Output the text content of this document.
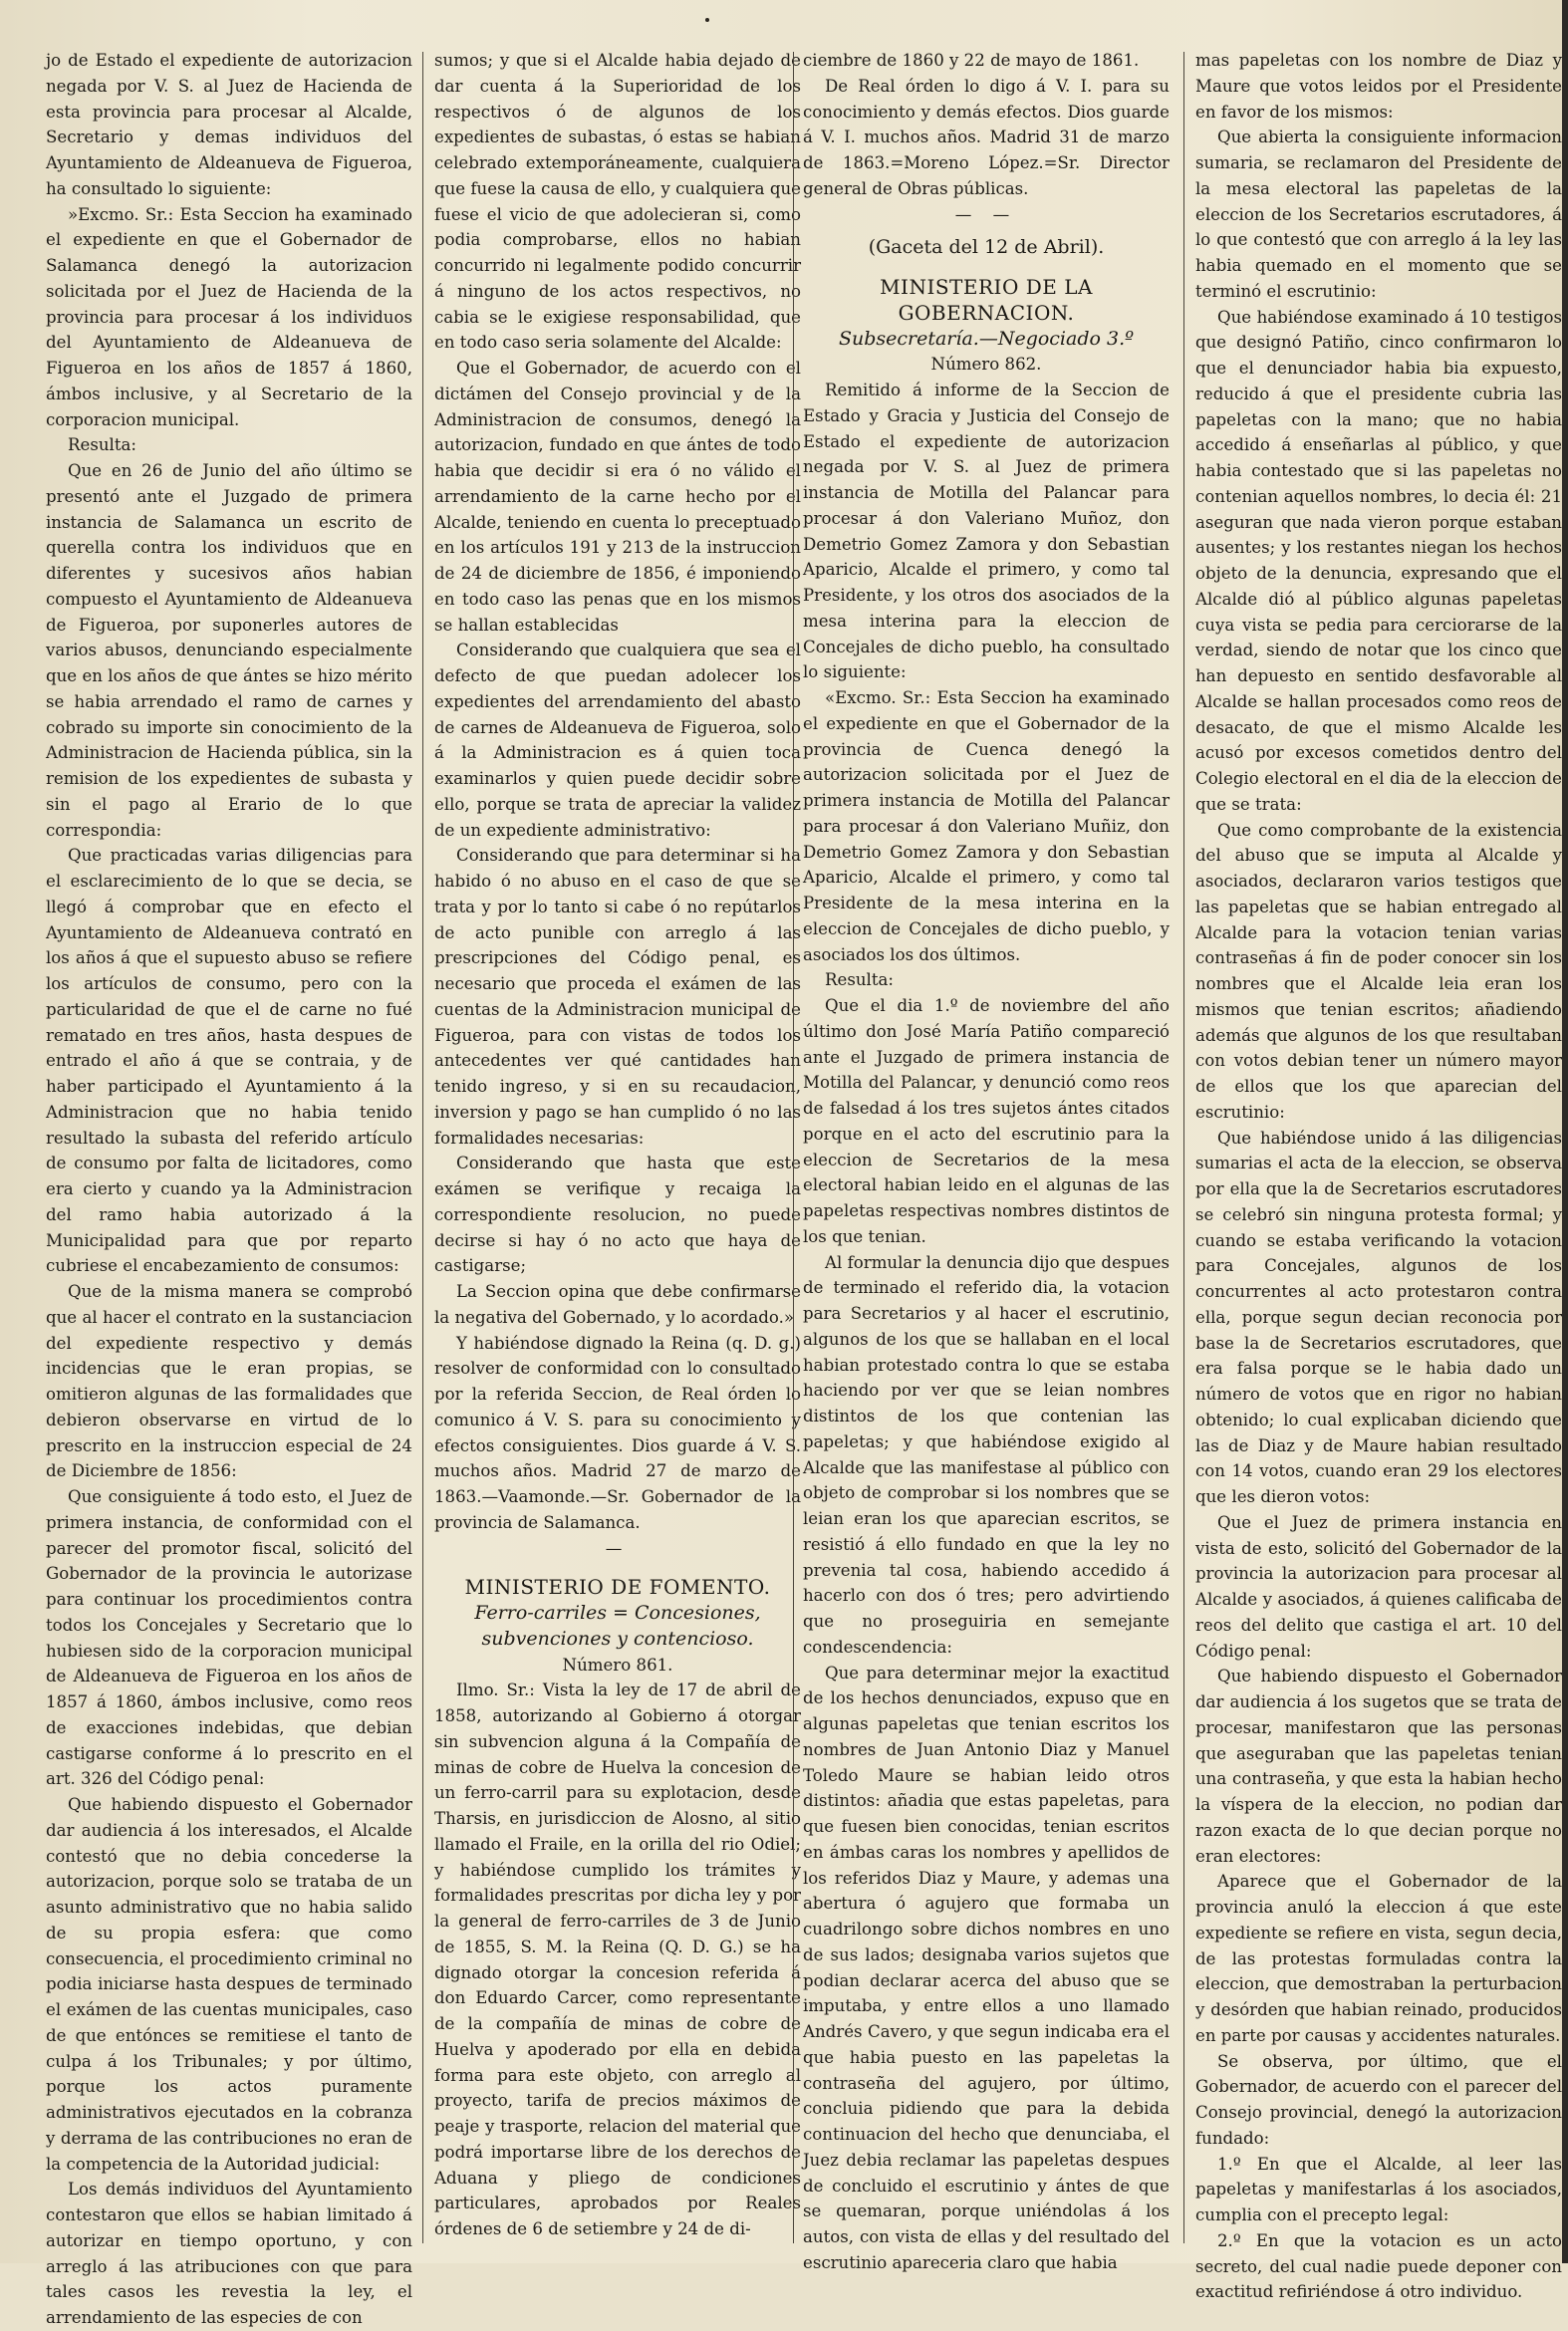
jo de Estado el expediente de autorizacion negada por V. S. al Juez de Hacienda de esta provincia para procesar al Alcalde, Secretario y demas individuos del Ayuntamiento de Aldeanueva de Figueroa, ha consultado lo siguiente:

»Excmo. Sr.: Esta Seccion ha examinado el expediente en que el Gobernador de Salamanca denegó la autorizacion solicitada por el Juez de Hacienda de la provincia para procesar á los individuos del Ayuntamiento de Aldeanueva de Figueroa en los años de 1857 á 1860, ámbos inclusive, y al Secretario de la corporacion municipal.

Resulta:

Que en 26 de Junio del año último se presentó ante el Juzgado de primera instancia de Salamanca un escrito de querella contra los individuos que en diferentes y sucesivos años habian compuesto el Ayuntamiento de Aldeanueva de Figueroa, por suponerles autores de varios abusos, denunciando especialmente que en los años de que ántes se hizo mérito se habia arrendado el ramo de carnes y cobrado su importe sin conocimiento de la Administracion de Hacienda pública, sin la remision de los expedientes de subasta y sin el pago al Erario de lo que correspondia:

Que practicadas varias diligencias para el esclarecimiento de lo que se decia, se llegó á comprobar que en efecto el Ayuntamiento de Aldeanueva contrató en los años á que el supuesto abuso se refiere los artículos de consumo, pero con la particularidad de que el de carne no fué rematado en tres años, hasta despues de entrado el año á que se contraia, y de haber participado el Ayuntamiento á la Administracion que no habia tenido resultado la subasta del referido artículo de consumo por falta de licitadores, como era cierto y cuando ya la Administracion del ramo habia autorizado á la Municipalidad para que por reparto cubriese el encabezamiento de consumos:

Que de la misma manera se comprobó que al hacer el contrato en la sustanciacion del expediente respectivo y demás incidencias que le eran propias, se omitieron algunas de las formalidades que debieron observarse en virtud de lo prescrito en la instruccion especial de 24 de Diciembre de 1856:

Que consiguiente á todo esto, el Juez de primera instancia, de conformidad con el parecer del promotor fiscal, solicitó del Gobernador de la provincia le autorizase para continuar los procedimientos contra todos los Concejales y Secretario que lo hubiesen sido de la corporacion municipal de Aldeanueva de Figueroa en los años de 1857 á 1860, ámbos inclusive, como reos de exacciones indebidas, que debian castigarse conforme á lo prescrito en el art. 326 del Código penal:

Que habiendo dispuesto el Gobernador dar audiencia á los interesados, el Alcalde contestó que no debia concederse la autorizacion, porque solo se trataba de un asunto administrativo que no habia salido de su propia esfera: que como consecuencia, el procedimiento criminal no podia iniciarse hasta despues de terminado el exámen de las cuentas municipales, caso de que entónces se remitiese el tanto de culpa á los Tribunales; y por último, porque los actos puramente administrativos ejecutados en la cobranza y derrama de las contribuciones no eran de la competencia de la Autoridad judicial:

Los demás individuos del Ayuntamiento contestaron que ellos se habian limitado á autorizar en tiempo oportuno, y con arreglo á las atribuciones con que para tales casos les revestia la ley, el arrendamiento de las especies de con

sumos; y que si el Alcalde habia dejado de dar cuenta á la Superioridad de los respectivos ó de algunos de los expedientes de subastas, ó estas se habian celebrado extemporáneamente, cualquiera que fuese la causa de ello, y cualquiera que fuese el vicio de que adolecieran si, como podia comprobarse, ellos no habian concurrido ni legalmente podido concurrir á ninguno de los actos respectivos, no cabia se le exigiese responsabilidad, que en todo caso seria solamente del Alcalde:

Que el Gobernador, de acuerdo con el dictámen del Consejo provincial y de la Administracion de consumos, denegó la autorizacion, fundado en que ántes de todo habia que decidir si era ó no válido el arrendamiento de la carne hecho por el Alcalde, teniendo en cuenta lo preceptuado en los artículos 191 y 213 de la instruccion de 24 de diciembre de 1856, é imponiendo en todo caso las penas que en los mismos se hallan establecidas

Considerando que cualquiera que sea el defecto de que puedan adolecer los expedientes del arrendamiento del abasto de carnes de Aldeanueva de Figueroa, solo á la Administracion es á quien toca examinarlos y quien puede decidir sobre ello, porque se trata de apreciar la validez de un expediente administrativo:

Considerando que para determinar si ha habido ó no abuso en el caso de que se trata y por lo tanto si cabe ó no repútarlos de acto punible con arreglo á las prescripciones del Código penal, es necesario que proceda el exámen de las cuentas de la Administracion municipal de Figueroa, para con vistas de todos los antecedentes ver qué cantidades han tenido ingreso, y si en su recaudacion, inversion y pago se han cumplido ó no las formalidades necesarias:

Considerando que hasta que este exámen se verifique y recaiga la correspondiente resolucion, no puede decirse si hay ó no acto que haya de castigarse;

La Seccion opina que debe confirmarse la negativa del Gobernado, y lo acordado.»

Y habiéndose dignado la Reina (q. D. g.) resolver de conformidad con lo consultado por la referida Seccion, de Real órden lo comunico á V. S. para su conocimiento y efectos consiguientes. Dios guarde á V. S. muchos años. Madrid 27 de marzo de 1863.—Vaamonde.—Sr. Gobernador de la provincia de Salamanca.

—

MINISTERIO DE FOMENTO.

Ferro-carriles = Concesiones, subvenciones y contencioso.

Número 861.

Ilmo. Sr.: Vista la ley de 17 de abril de 1858, autorizando al Gobierno á otorgar sin subvencion alguna á la Compañía de minas de cobre de Huelva la concesion de un ferro-carril para su explotacion, desde Tharsis, en jurisdiccion de Alosno, al sitio llamado el Fraile, en la orilla del rio Odiel; y habiéndose cumplido los trámites y formalidades prescritas por dicha ley y por la general de ferro-carriles de 3 de Junio de 1855, S. M. la Reina (Q. D. G.) se ha dignado otorgar la concesion referida á don Eduardo Carcer, como representante de la compañía de minas de cobre de Huelva y apoderado por ella en debida forma para este objeto, con arreglo al proyecto, tarifa de precios máximos de peaje y trasporte, relacion del material que podrá importarse libre de los derechos de Aduana y pliego de condiciones particulares, aprobados por Reales órdenes de 6 de setiembre y 24 de di-

ciembre de 1860 y 22 de mayo de 1861.

De Real órden lo digo á V. I. para su conocimiento y demás efectos. Dios guarde á V. I. muchos años. Madrid 31 de marzo de 1863.=Moreno López.=Sr. Director general de Obras públicas.

— —

(Gaceta del 12 de Abril).

MINISTERIO DE LA GOBERNACION.

Subsecretaría.—Negociado 3.º

Número 862.

Remitido á informe de la Seccion de Estado y Gracia y Justicia del Consejo de Estado el expediente de autorizacion negada por V. S. al Juez de primera instancia de Motilla del Palancar para procesar á don Valeriano Muñoz, don Demetrio Gomez Zamora y don Sebastian Aparicio, Alcalde el primero, y como tal Presidente, y los otros dos asociados de la mesa interina para la eleccion de Concejales de dicho pueblo, ha consultado lo siguiente:

«Excmo. Sr.: Esta Seccion ha examinado el expediente en que el Gobernador de la provincia de Cuenca denegó la autorizacion solicitada por el Juez de primera instancia de Motilla del Palancar para procesar á don Valeriano Muñiz, don Demetrio Gomez Zamora y don Sebastian Aparicio, Alcalde el primero, y como tal Presidente de la mesa interina en la eleccion de Concejales de dicho pueblo, y asociados los dos últimos.

Resulta:

Que el dia 1.º de noviembre del año último don José María Patiño compareció ante el Juzgado de primera instancia de Motilla del Palancar, y denunció como reos de falsedad á los tres sujetos ántes citados porque en el acto del escrutinio para la eleccion de Secretarios de la mesa electoral habian leido en el algunas de las papeletas respectivas nombres distintos de los que tenian.

Al formular la denuncia dijo que despues de terminado el referido dia, la votacion para Secretarios y al hacer el escrutinio, algunos de los que se hallaban en el local habian protestado contra lo que se estaba haciendo por ver que se leian nombres distintos de los que contenian las papeletas; y que habiéndose exigido al Alcalde que las manifestase al público con objeto de comprobar si los nombres que se leian eran los que aparecian escritos, se resistió á ello fundado en que la ley no prevenia tal cosa, habiendo accedido á hacerlo con dos ó tres; pero advirtiendo que no proseguiria en semejante condescendencia:

Que para determinar mejor la exactitud de los hechos denunciados, expuso que en algunas papeletas que tenian escritos los nombres de Juan Antonio Diaz y Manuel Toledo Maure se habian leido otros distintos: añadia que estas papeletas, para que fuesen bien conocidas, tenian escritos en ámbas caras los nombres y apellidos de los referidos Diaz y Maure, y ademas una abertura ó agujero que formaba un cuadrilongo sobre dichos nombres en uno de sus lados; designaba varios sujetos que podian declarar acerca del abuso que se imputaba, y entre ellos a uno llamado Andrés Cavero, y que segun indicaba era el que habia puesto en las papeletas la contraseña del agujero, por último, concluia pidiendo que para la debida continuacion del hecho que denunciaba, el Juez debia reclamar las papeletas despues de concluido el escrutinio y ántes de que se quemaran, porque uniéndolas á los autos, con vista de ellas y del resultado del escrutinio apareceria claro que habia

mas papeletas con los nombre de Diaz y Maure que votos leidos por el Presidente en favor de los mismos:

Que abierta la consiguiente informacion sumaria, se reclamaron del Presidente de la mesa electoral las papeletas de la eleccion de los Secretarios escrutadores, á lo que contestó que con arreglo á la ley las habia quemado en el momento que se terminó el escrutinio:

Que habiéndose examinado á 10 testigos que designó Patiño, cinco confirmaron lo que el denunciador habia bia expuesto, reducido á que el presidente cubria las papeletas con la mano; que no habia accedido á enseñarlas al público, y que habia contestado que si las papeletas no contenian aquellos nombres, lo decia él: 21 aseguran que nada vieron porque estaban ausentes; y los restantes niegan los hechos objeto de la denuncia, expresando que el Alcalde dió al público algunas papeletas cuya vista se pedia para cerciorarse de la verdad, siendo de notar que los cinco que han depuesto en sentido desfavorable al Alcalde se hallan procesados como reos de desacato, de que el mismo Alcalde les acusó por excesos cometidos dentro del Colegio electoral en el dia de la eleccion de que se trata:

Que como comprobante de la existencia del abuso que se imputa al Alcalde y asociados, declararon varios testigos que las papeletas que se habian entregado al Alcalde para la votacion tenian varias contraseñas á fin de poder conocer sin los nombres que el Alcalde leia eran los mismos que tenian escritos; añadiendo además que algunos de los que resultaban con votos debian tener un número mayor de ellos que los que aparecian del escrutinio:

Que habiéndose unido á las diligencias sumarias el acta de la eleccion, se observa por ella que la de Secretarios escrutadores se celebró sin ninguna protesta formal; y cuando se estaba verificando la votacion para Concejales, algunos de los concurrentes al acto protestaron contra ella, porque segun decian reconocia por base la de Secretarios escrutadores, que era falsa porque se le habia dado un número de votos que en rigor no habian obtenido; lo cual explicaban diciendo que las de Diaz y de Maure habian resultado con 14 votos, cuando eran 29 los electores que les dieron votos:

Que el Juez de primera instancia en vista de esto, solicitó del Gobernador de la provincia la autorizacion para procesar al Alcalde y asociados, á quienes calificaba de reos del delito que castiga el art. 10 del Código penal:

Que habiendo dispuesto el Gobernador dar audiencia á los sugetos que se trata de procesar, manifestaron que las personas que aseguraban que las papeletas tenian una contraseña, y que esta la habian hecho la víspera de la eleccion, no podian dar razon exacta de lo que decian porque no eran electores:

Aparece que el Gobernador de la provincia anuló la eleccion á que este expediente se refiere en vista, segun decia, de las protestas formuladas contra la eleccion, que demostraban la perturbacion y desórden que habian reinado, producidos en parte por causas y accidentes naturales.

Se observa, por último, que el Gobernador, de acuerdo con el parecer del Consejo provincial, denegó la autorizacion fundado:

1.º En que el Alcalde, al leer las papeletas y manifestarlas á los asociados, cumplia con el precepto legal:

2.º En que la votacion es un acto secreto, del cual nadie puede deponer con exactitud refiriéndose á otro individuo.
